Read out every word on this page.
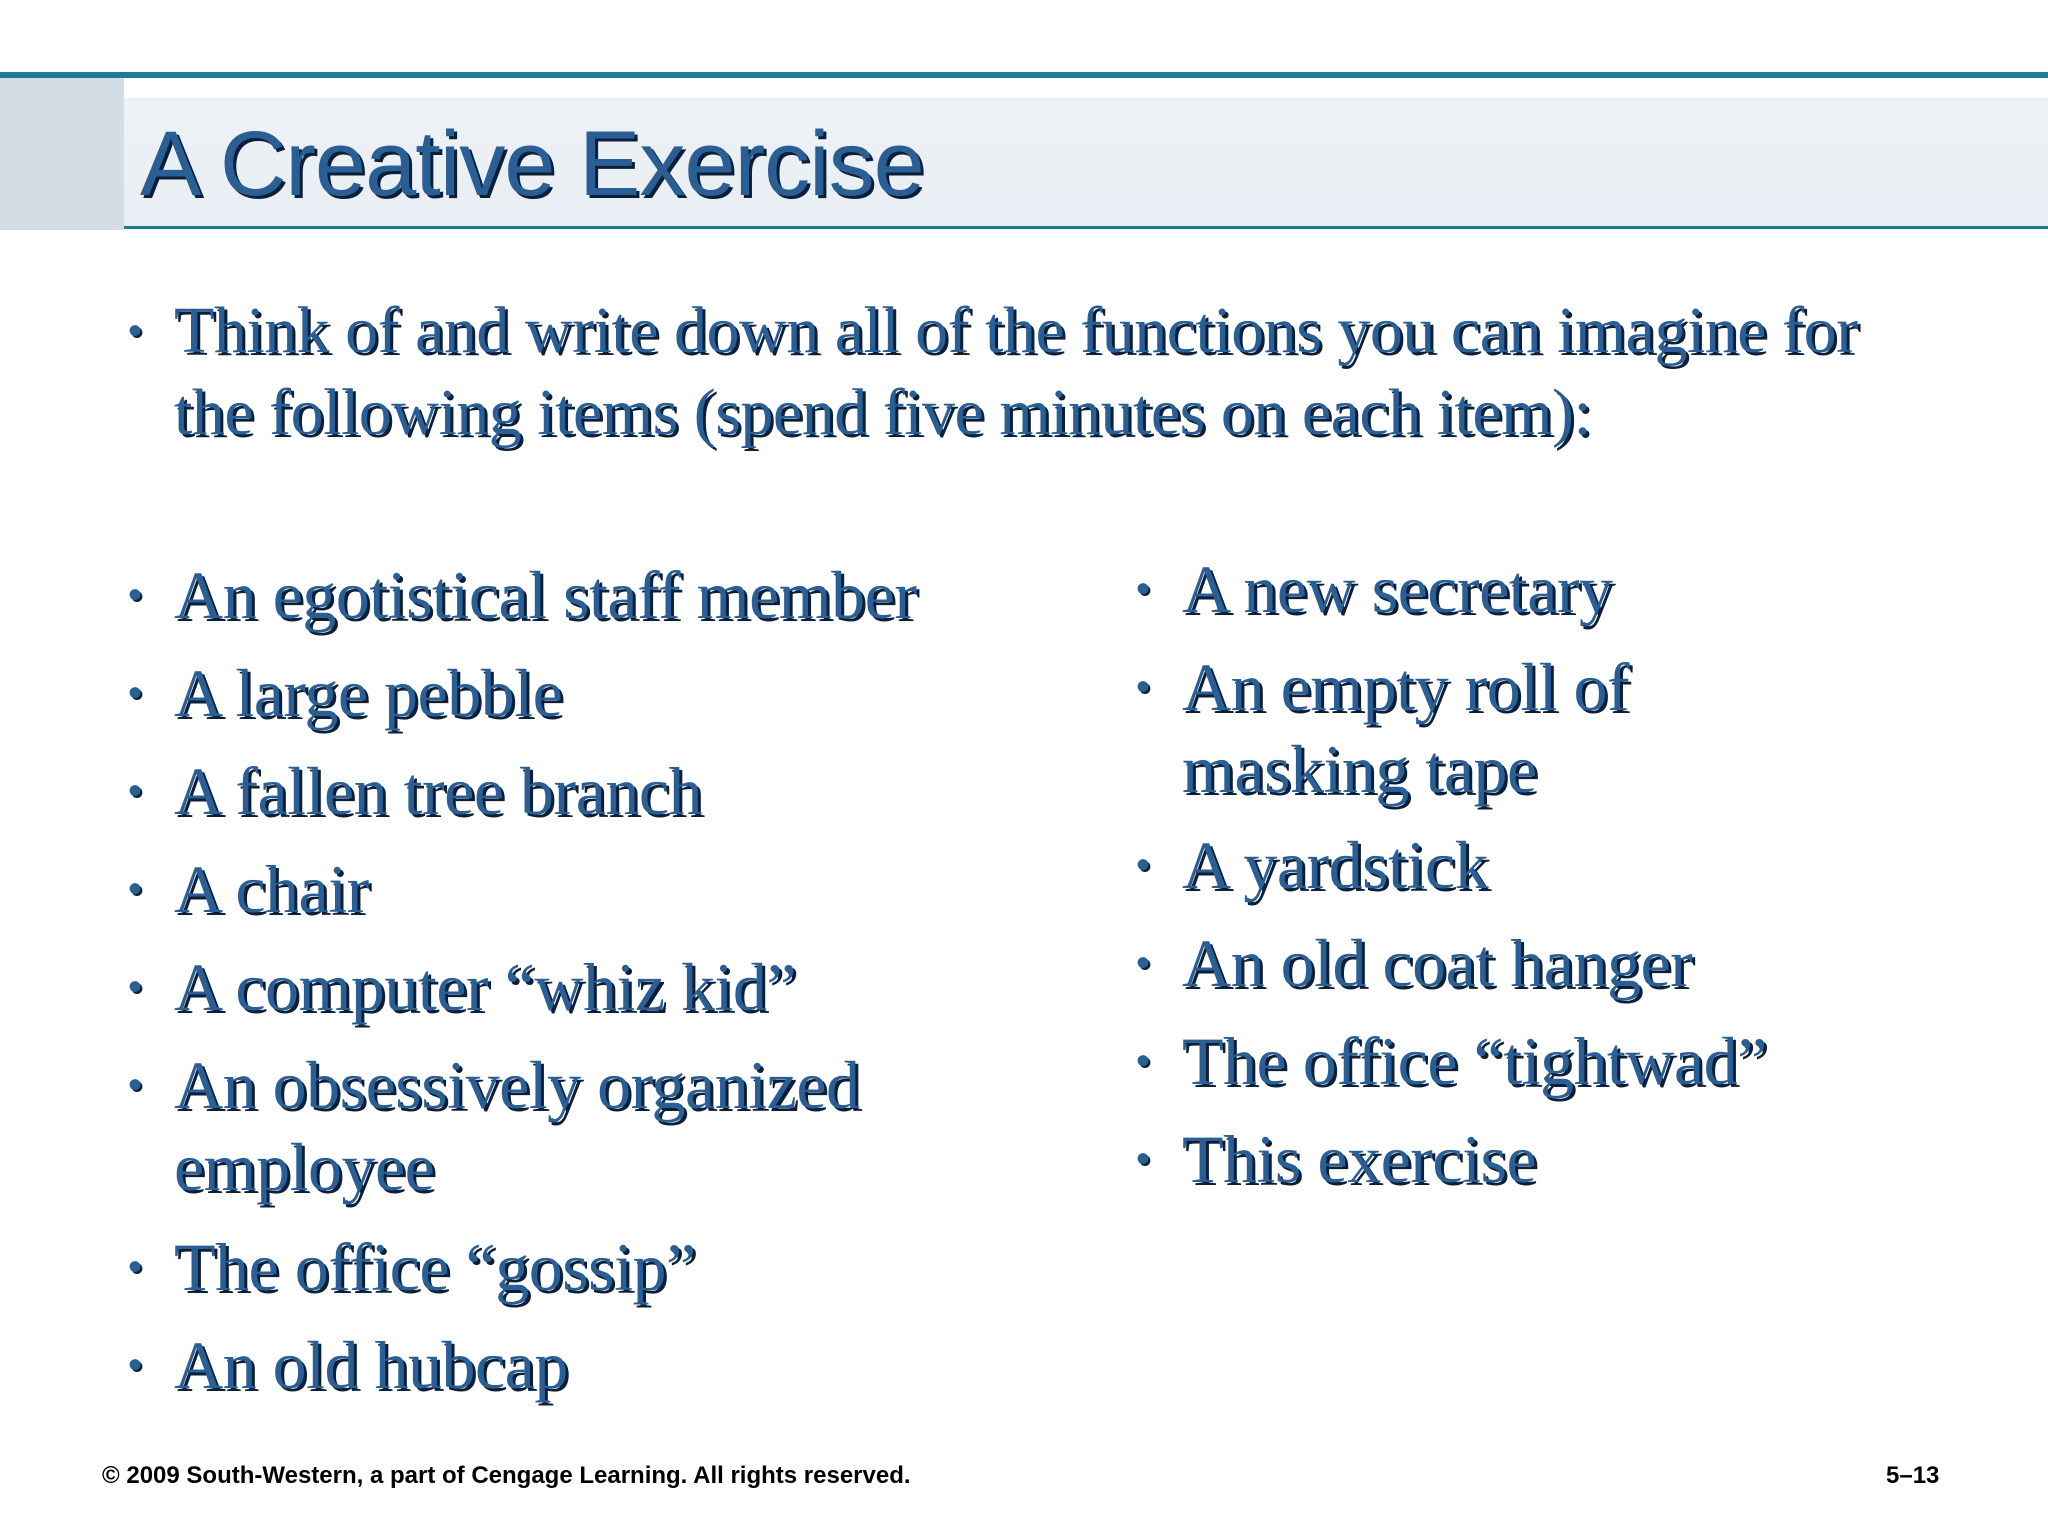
A Creative Exercise
• Think of and write down all of the functions you can imagine for the following items (spend five minutes on each item):
• An egotistical staff member
• A large pebble
• A fallen tree branch
• A chair
• A computer “whiz kid”
• An obsessively organized employee
• The office “gossip”
• An old hubcap
• A new secretary
• An empty roll of masking tape
• A yardstick
• An old coat hanger
• The office “tightwad”
• This exercise
© 2009 South-Western, a part of Cengage Learning. All rights reserved.	5–13
